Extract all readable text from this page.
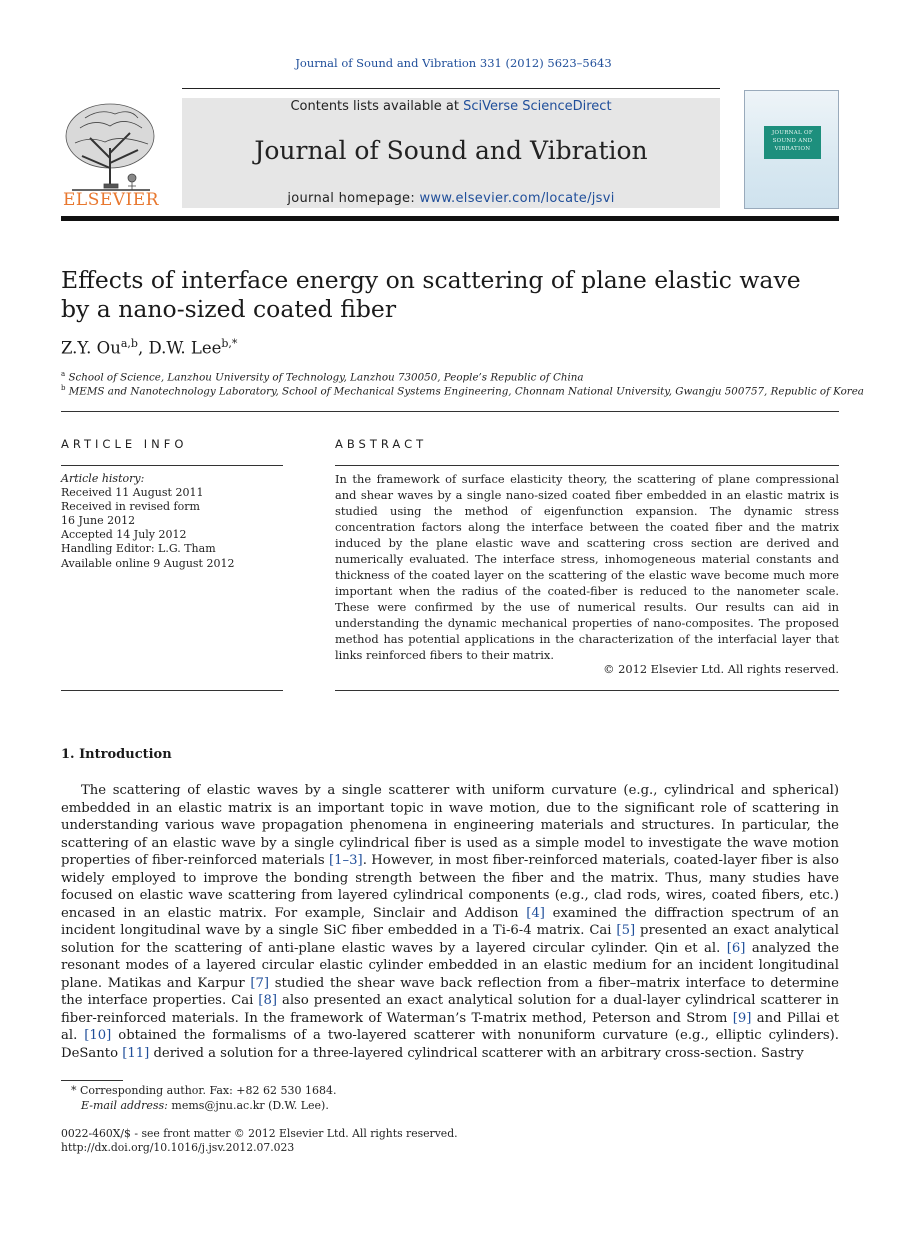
Journal of Sound and Vibration 331 (2012) 5623–5643
Contents lists available at SciVerse ScienceDirect
Journal of Sound and Vibration
journal homepage: www.elsevier.com/locate/jsvi
ELSEVIER
JOURNAL OF
SOUND AND
VIBRATION
Effects of interface energy on scattering of plane elastic wave
by a nano-sized coated fiber
Z.Y. Ou$^{a,b}$, D.W. Lee$^{b,*}$
$^a$ School of Science, Lanzhou University of Technology, Lanzhou 730050, People’s Republic of China
$^b$ MEMS and Nanotechnology Laboratory, School of Mechanical Systems Engineering, Chonnam National University, Gwangju 500757, Republic of Korea
ARTICLE INFO
Article history:
Received 11 August 2011
Received in revised form
16 June 2012
Accepted 14 July 2012
Handling Editor: L.G. Tham
Available online 9 August 2012
ABSTRACT
In the framework of surface elasticity theory, the scattering of plane compressional and shear waves by a single nano-sized coated fiber embedded in an elastic matrix is studied using the method of eigenfunction expansion. The dynamic stress concentration factors along the interface between the coated fiber and the matrix induced by the plane elastic wave and scattering cross section are derived and numerically evaluated. The interface stress, inhomogeneous material constants and thickness of the coated layer on the scattering of the elastic wave become much more important when the radius of the coated-fiber is reduced to the nanometer scale. These were confirmed by the use of numerical results. Our results can aid in understanding the dynamic mechanical properties of nano-composites. The proposed method has potential applications in the characterization of the interfacial layer that links reinforced fibers to their matrix.
© 2012 Elsevier Ltd. All rights reserved.
1. Introduction
The scattering of elastic waves by a single scatterer with uniform curvature (e.g., cylindrical and spherical) embedded in an elastic matrix is an important topic in wave motion, due to the significant role of scattering in understanding various wave propagation phenomena in engineering materials and structures. In particular, the scattering of an elastic wave by a single cylindrical fiber is used as a simple model to investigate the wave motion properties of fiber-reinforced materials [1–3]. However, in most fiber-reinforced materials, coated-layer fiber is also widely employed to improve the bonding strength between the fiber and the matrix. Thus, many studies have focused on elastic wave scattering from layered cylindrical components (e.g., clad rods, wires, coated fibers, etc.) encased in an elastic matrix. For example, Sinclair and Addison [4] examined the diffraction spectrum of an incident longitudinal wave by a single SiC fiber embedded in a Ti-6-4 matrix. Cai [5] presented an exact analytical solution for the scattering of anti-plane elastic waves by a layered circular cylinder. Qin et al. [6] analyzed the resonant modes of a layered circular elastic cylinder embedded in an elastic medium for an incident longitudinal plane. Matikas and Karpur [7] studied the shear wave back reflection from a fiber–matrix interface to determine the interface properties. Cai [8] also presented an exact analytical solution for a dual-layer cylindrical scatterer in fiber-reinforced materials. In the framework of Waterman’s T-matrix method, Peterson and Strom [9] and Pillai et al. [10] obtained the formalisms of a two-layered scatterer with nonuniform curvature (e.g., elliptic cylinders). DeSanto [11] derived a solution for a three-layered cylindrical scatterer with an arbitrary cross-section. Sastry
* Corresponding author. Fax: +82 62 530 1684.
E-mail address: mems@jnu.ac.kr (D.W. Lee).
0022-460X/$ - see front matter © 2012 Elsevier Ltd. All rights reserved.
http://dx.doi.org/10.1016/j.jsv.2012.07.023
